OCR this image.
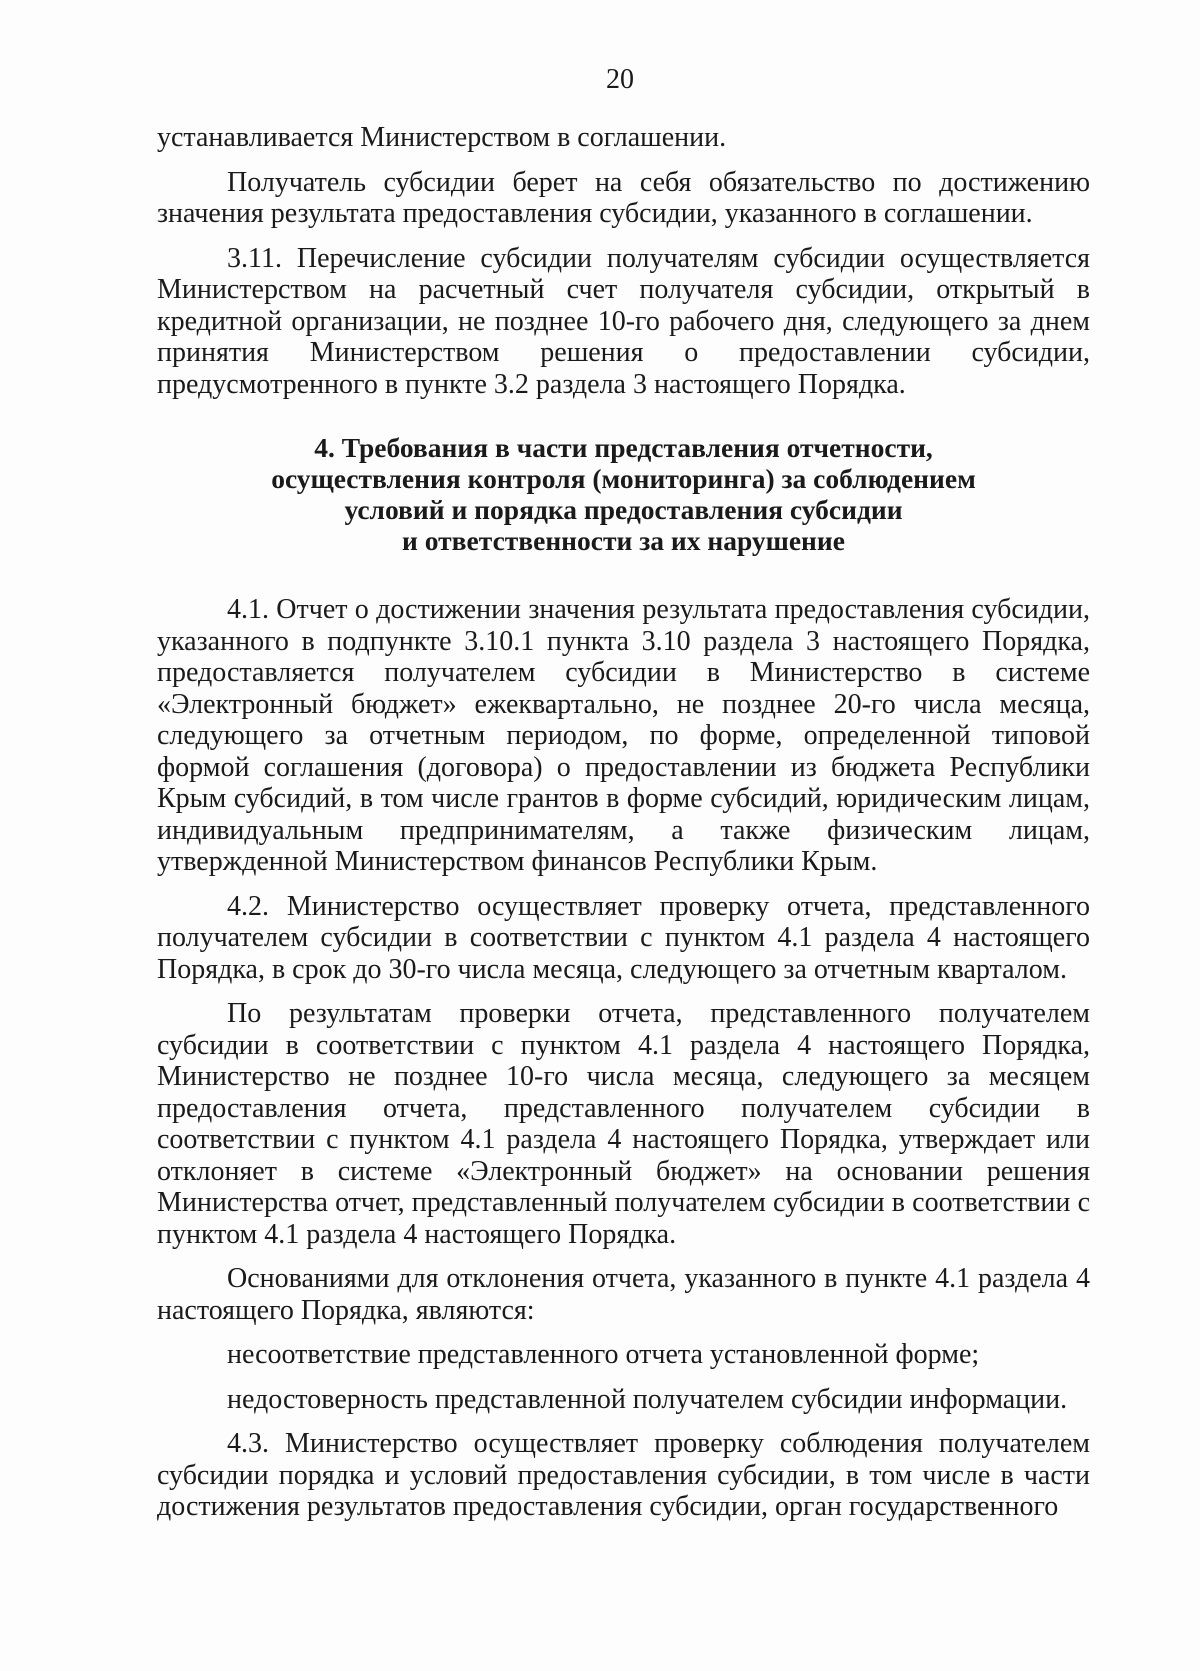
20

устанавливается Министерством в соглашении.

Получатель субсидии берет на себя обязательство по достижению значения результата предоставления субсидии, указанного в соглашении.

3.11. Перечисление субсидии получателям субсидии осуществляется Министерством на расчетный счет получателя субсидии, открытый в кредитной организации, не позднее 10-го рабочего дня, следующего за днем принятия Министерством решения о предоставлении субсидии, предусмотренного в пункте 3.2 раздела 3 настоящего Порядка.

4. Требования в части представления отчетности,
осуществления контроля (мониторинга) за соблюдением
условий и порядка предоставления субсидии
и ответственности за их нарушение

4.1. Отчет о достижении значения результата предоставления субсидии, указанного в подпункте 3.10.1 пункта 3.10 раздела 3 настоящего Порядка, предоставляется получателем субсидии в Министерство в системе «Электронный бюджет» ежеквартально, не позднее 20-го числа месяца, следующего за отчетным периодом, по форме, определенной типовой формой соглашения (договора) о предоставлении из бюджета Республики Крым субсидий, в том числе грантов в форме субсидий, юридическим лицам, индивидуальным предпринимателям, а также физическим лицам, утвержденной Министерством финансов Республики Крым.

4.2. Министерство осуществляет проверку отчета, представленного получателем субсидии в соответствии с пунктом 4.1 раздела 4 настоящего Порядка, в срок до 30-го числа месяца, следующего за отчетным кварталом.

По результатам проверки отчета, представленного получателем субсидии в соответствии с пунктом 4.1 раздела 4 настоящего Порядка, Министерство не позднее 10-го числа месяца, следующего за месяцем предоставления отчета, представленного получателем субсидии в соответствии с пунктом 4.1 раздела 4 настоящего Порядка, утверждает или отклоняет в системе «Электронный бюджет» на основании решения Министерства отчет, представленный получателем субсидии в соответствии с пунктом 4.1 раздела 4 настоящего Порядка.

Основаниями для отклонения отчета, указанного в пункте 4.1 раздела 4 настоящего Порядка, являются:

несоответствие представленного отчета установленной форме;

недостоверность представленной получателем субсидии информации.

4.3. Министерство осуществляет проверку соблюдения получателем субсидии порядка и условий предоставления субсидии, в том числе в части достижения результатов предоставления субсидии, орган государственного
